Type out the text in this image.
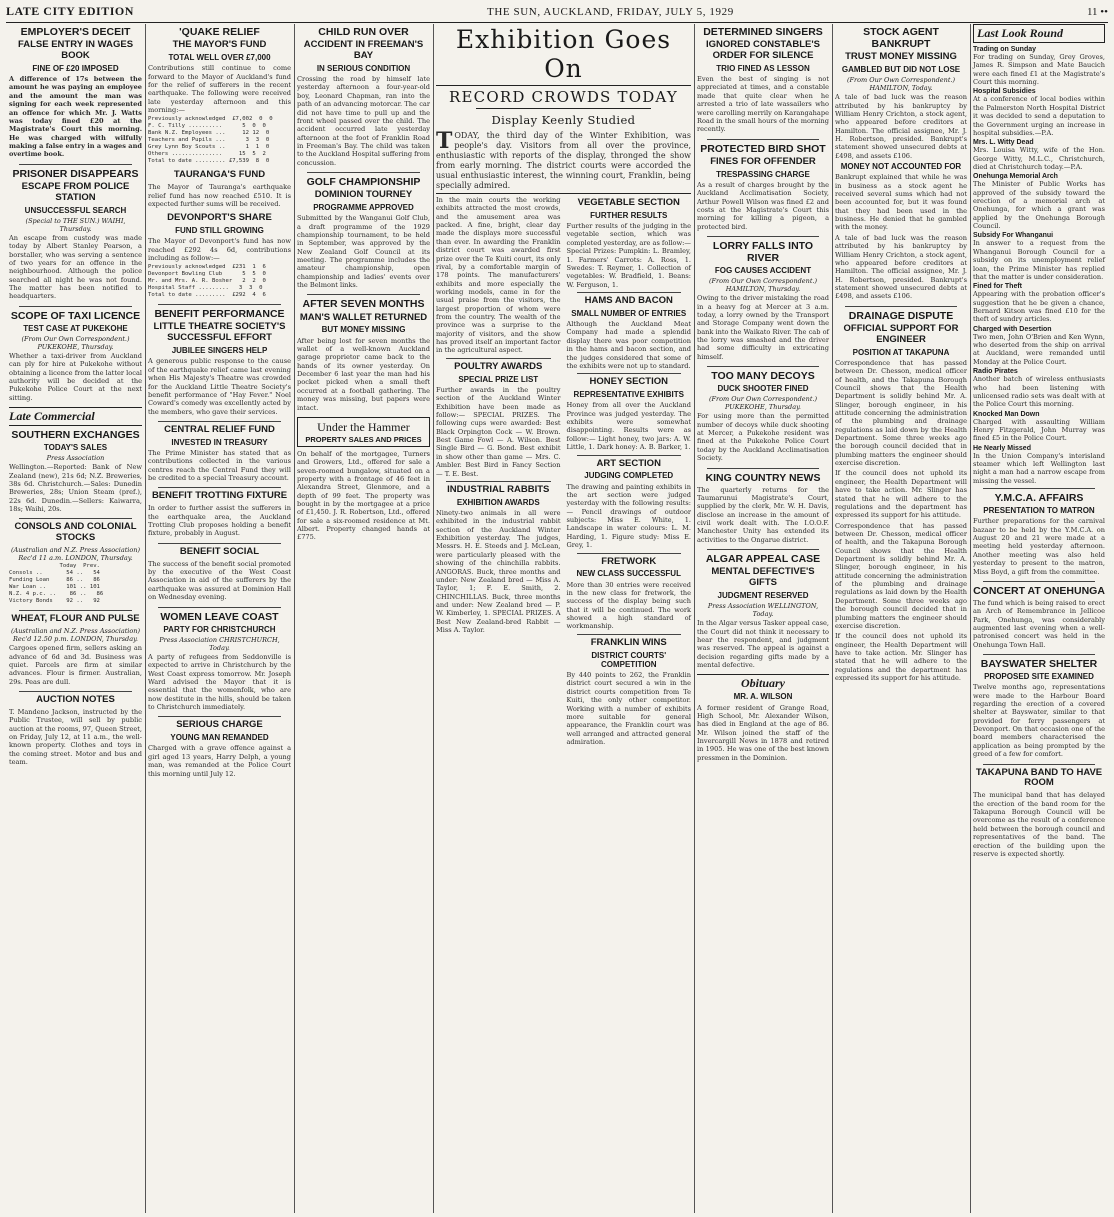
LATE CITY EDITION	THE SUN, AUCKLAND, FRIDAY, JULY 5, 1929	11 ••
EMPLOYER'S DECEIT
FALSE ENTRY IN WAGES BOOK
FINE OF £20 IMPOSED

A difference of 17s between the amount he was paying an employee and the amount the man was signing for each week represented an offence for which Mr. J. Watts was today fined £20 at the Magistrate's Court this morning. He was charged with wilfully making a false entry in a wages and overtime book.

PRISONER DISAPPEARS
ESCAPE FROM POLICE STATION
UNSUCCESSFUL SEARCH
(Special to THE SUN.) WAIHI, Thursday.

An escape from custody was made today by Albert Stanley Pearson, a borstaller, who was serving a sentence of two years for an offence in the neighbourhood. Although the police searched all night he was not found. The matter has been notified to headquarters.

SCOPE OF TAXI LICENCE
TEST CASE AT PUKEKOHE
(From Our Own Correspondent.) PUKEKOHE, Thursday.

Whether a taxi-driver from Auckland can ply for hire at Pukekohe without obtaining a licence from the latter local authority will be decided at the Pukekohe Police Court at the next sitting.

Late Commercial
SOUTHERN EXCHANGES
TODAY'S SALES
Press Association

Wellington.—Reported: Bank of New Zealand (new), 21s 6d; N.Z. Breweries, 38s 6d. Christchurch.—Sales: Dunedin Breweries, 28s; Union Steam (pref.), 22s 6d. Dunedin.—Sellers: Kaiwarra, 18s; Waihi, 20s.

CONSOLS AND COLONIAL STOCKS
(Australian and N.Z. Press Association) Rec'd 11 a.m. LONDON, Thursday.
Today  Prev.
Consols ..       54 ..   54
Funding Loan     86 ..   86
War Loan ..      101 .. 101
N.Z. 4 p.c. ..    86 ..   86
Victory Bonds    92 ..   92
WHEAT, FLOUR AND PULSE
(Australian and N.Z. Press Association) Rec'd 12.50 p.m. LONDON, Thursday.

Cargoes opened firm, sellers asking an advance of 6d and 3d. Business was quiet. Parcels are firm at similar advances. Flour is firmer. Australian, 29s. Peas are dull.

AUCTION NOTES

T. Mandeno Jackson, instructed by the Public Trustee, will sell by public auction at the rooms, 97, Queen Street, on Friday, July 12, at 11 a.m., the well-known property. Clothes and toys in the coming street. Motor and bus and team.

'QUAKE RELIEF
THE MAYOR'S FUND
TOTAL WELL OVER £7,000

Contributions still continue to come forward to the Mayor of Auckland's fund for the relief of sufferers in the recent earthquake. The following were received late yesterday afternoon and this morning:—

Previously acknowledged  £7,002  0  0
F. C. Tilly ..........      5  0  0
Bank N.Z. Employees ...     12 12  0
Teachers and Pupils ...      3  3  0
Grey Lynn Boy Scouts ..      1  1  0
Others ...............     15  5  2
Total to date ......... £7,539  8  0
TAURANGA'S FUND

The Mayor of Tauranga's earthquake relief fund has now reached £510. It is expected further sums will be received.

DEVONPORT'S SHARE
FUND STILL GROWING

The Mayor of Devonport's fund has now reached £292 4s 6d, contributions including as follow:—

Previously acknowledged  £231  1  6
Devonport Bowling Club      5  5  0
Mr. and Mrs. A. R. Bosher   2  2  0
Hospital Staff .........   3  3  0
Total to date .........  £292  4  6
BENEFIT PERFORMANCE
LITTLE THEATRE SOCIETY'S SUCCESSFUL EFFORT
JUBILEE SINGERS HELP

A generous public response to the cause of the earthquake relief came last evening when His Majesty's Theatre was crowded for the Auckland Little Theatre Society's benefit performance of "Hay Fever." Noel Coward's comedy was excellently acted by the members, who gave their services.

CENTRAL RELIEF FUND
INVESTED IN TREASURY

The Prime Minister has stated that as contributions collected in the various centres reach the Central Fund they will be credited to a special Treasury account.

BENEFIT TROTTING FIXTURE

In order to further assist the sufferers in the earthquake area, the Auckland Trotting Club proposes holding a benefit fixture, probably in August.

BENEFIT SOCIAL

The success of the benefit social promoted by the executive of the West Coast Association in aid of the sufferers by the earthquake was assured at Dominion Hall on Wednesday evening.

WOMEN LEAVE COAST
PARTY FOR CHRISTCHURCH
Press Association CHRISTCHURCH, Today.

A party of refugees from Seddonville is expected to arrive in Christchurch by the West Coast express tomorrow. Mr. Joseph Ward advised the Mayor that it is essential that the womenfolk, who are now destitute in the hills, should be taken to Christchurch immediately.

SERIOUS CHARGE
YOUNG MAN REMANDED

Charged with a grave offence against a girl aged 13 years, Harry Delph, a young man, was remanded at the Police Court this morning until July 12.

CHILD RUN OVER
ACCIDENT IN FREEMAN'S BAY
IN SERIOUS CONDITION

Crossing the road by himself late yesterday afternoon a four-year-old boy, Leonard Chapman, ran into the path of an advancing motorcar. The car did not have time to pull up and the front wheel passed over the child. The accident occurred late yesterday afternoon at the foot of Franklin Road in Freeman's Bay. The child was taken to the Auckland Hospital suffering from concussion.

GOLF CHAMPIONSHIP
DOMINION TOURNEY
PROGRAMME APPROVED

Submitted by the Wanganui Golf Club, a draft programme of the 1929 championship tournament, to be held in September, was approved by the New Zealand Golf Council at its meeting. The programme includes the amateur championship, open championship and ladies' events over the Belmont links.

AFTER SEVEN MONTHS
MAN'S WALLET RETURNED
BUT MONEY MISSING

After being lost for seven months the wallet of a well-known Auckland garage proprietor came back to the hands of its owner yesterday. On December 6 last year the man had his pocket picked when a small theft occurred at a football gathering. The money was missing, but papers were intact.

Under the Hammer
PROPERTY SALES AND PRICES

On behalf of the mortgagee, Turners and Growers, Ltd., offered for sale a seven-roomed bungalow, situated on a property with a frontage of 46 feet in Alexandra Street, Glenmore, and a depth of 99 feet. The property was bought in by the mortgagee at a price of £1,450. J. R. Robertson, Ltd., offered for sale a six-roomed residence at Mt. Albert. Property changed hands at £775.

Exhibition Goes On
RECORD CROWDS TODAY
Display Keenly Studied

TODAY, the third day of the Winter Exhibition, was people's day. Visitors from all over the province, enthusiastic with reports of the display, thronged the show from early morning. The district courts were accorded the usual enthusiastic interest, the winning court, Franklin, being specially admired.

In the main courts the working exhibits attracted the most crowds, and the amusement area was packed. A fine, bright, clear day made the displays more successful than ever. In awarding the Franklin district court was awarded first prize over the Te Kuiti court, its only rival, by a comfortable margin of 178 points. The manufacturers' exhibits and more especially the working models, came in for the usual praise from the visitors, the largest proportion of whom were from the country. The wealth of the province was a surprise to the majority of visitors, and the show has proved itself an important factor in the agricultural aspect.

POULTRY AWARDS
SPECIAL PRIZE LIST

Further awards in the poultry section of the Auckland Winter Exhibition have been made as follow:— SPECIAL PRIZES. The following cups were awarded: Best Black Orpington Cock — W. Brown. Best Game Fowl — A. Wilson. Best Single Bird — G. Bond. Best exhibit in show other than game — Mrs. C. Ambler. Best Bird in Fancy Section — T. E. Best.

INDUSTRIAL RABBITS
EXHIBITION AWARDS

Ninety-two animals in all were exhibited in the industrial rabbit section of the Auckland Winter Exhibition yesterday. The judges, Messrs. H. E. Steeds and J. McLean, were particularly pleased with the showing of the chinchilla rabbits. ANGORAS. Buck, three months and under: New Zealand bred — Miss A. Taylor, 1; F. E. Smith, 2. CHINCHILLAS. Buck, three months and under: New Zealand bred — P. W. Kimberley, 1. SPECIAL PRIZES. A Best New Zealand-bred Rabbit — Miss A. Taylor.

VEGETABLE SECTION
FURTHER RESULTS

Further results of the judging in the vegetable section, which was completed yesterday, are as follow:— Special Prizes: Pumpkin: L. Bramley, 1. Farmers' Carrots: A. Ross, 1. Swedes: T. Reymer, 1. Collection of vegetables: W. Bradfield, 1. Beans: W. Ferguson, 1.

HAMS AND BACON
SMALL NUMBER OF ENTRIES

Although the Auckland Meat Company had made a splendid display there was poor competition in the hams and bacon section, and the judges considered that some of the exhibits were not up to standard.

HONEY SECTION
REPRESENTATIVE EXHIBITS

Honey from all over the Auckland Province was judged yesterday. The exhibits were somewhat disappointing. Results were as follow:— Light honey, two jars: A. W. Little, 1. Dark honey: A. B. Barker, 1.

ART SECTION
JUDGING COMPLETED

The drawing and painting exhibits in the art section were judged yesterday with the following results:— Pencil drawings of outdoor subjects: Miss E. White, 1. Landscape in water colours: L. M. Harding, 1. Figure study: Miss E. Grey, 1.

FRETWORK
NEW CLASS SUCCESSFUL

More than 30 entries were received in the new class for fretwork, the success of the display being such that it will be continued. The work showed a high standard of workmanship.

FRANKLIN WINS
DISTRICT COURTS' COMPETITION

By 440 points to 262, the Franklin district court secured a win in the district courts competition from Te Kuiti, the only other competitor. Working with a number of exhibits more suitable for general appearance, the Franklin court was well arranged and attracted general admiration.

DETERMINED SINGERS
IGNORED CONSTABLE'S ORDER FOR SILENCE
TRIO FINED AS LESSON

Even the best of singing is not appreciated at times, and a constable made that quite clear when he arrested a trio of late wassailers who were carolling merrily on Karangahape Road in the small hours of the morning recently.

PROTECTED BIRD SHOT
FINES FOR OFFENDER
TRESPASSING CHARGE

As a result of charges brought by the Auckland Acclimatisation Society, Arthur Powell Wilson was fined £2 and costs at the Magistrate's Court this morning for killing a pigeon, a protected bird.

LORRY FALLS INTO RIVER
FOG CAUSES ACCIDENT
(From Our Own Correspondent.) HAMILTON, Thursday.

Owing to the driver mistaking the road in a heavy fog at Mercer at 3 a.m. today, a lorry owned by the Transport and Storage Company went down the bank into the Waikato River. The cab of the lorry was smashed and the driver had some difficulty in extricating himself.

TOO MANY DECOYS
DUCK SHOOTER FINED
(From Our Own Correspondent.) PUKEKOHE, Thursday.

For using more than the permitted number of decoys while duck shooting at Mercer, a Pukekohe resident was fined at the Pukekohe Police Court today by the Auckland Acclimatisation Society.

KING COUNTRY NEWS

The quarterly returns for the Taumarunui Magistrate's Court, supplied by the clerk, Mr. W. H. Davis, disclose an increase in the amount of civil work dealt with. The I.O.O.F. Manchester Unity has extended its activities to the Ongarue district.

ALGAR APPEAL CASE
MENTAL DEFECTIVE'S GIFTS
JUDGMENT RESERVED
Press Association WELLINGTON, Today.

In the Algar versus Tasker appeal case, the Court did not think it necessary to hear the respondent, and judgment was reserved. The appeal is against a decision regarding gifts made by a mental defective.

Obituary
MR. A. WILSON

A former resident of Grange Road, High School, Mr. Alexander Wilson, has died in England at the age of 86. Mr. Wilson joined the staff of the Invercargill News in 1878 and retired in 1905. He was one of the best known pressmen in the Dominion.

STOCK AGENT BANKRUPT
TRUST MONEY MISSING
GAMBLED BUT DID NOT LOSE
(From Our Own Correspondent.) HAMILTON, Today.

A tale of bad luck was the reason attributed by his bankruptcy by William Henry Crichton, a stock agent, who appeared before creditors at Hamilton. The official assignee, Mr. J. H. Robertson, presided. Bankrupt's statement showed unsecured debts at £498, and assets £106.

MONEY NOT ACCOUNTED FOR

Bankrupt explained that while he was in business as a stock agent he received several sums which had not been accounted for, but it was found that they had been used in the business. He denied that he gambled with the money.

A tale of bad luck was the reason attributed by his bankruptcy by William Henry Crichton, a stock agent, who appeared before creditors at Hamilton. The official assignee, Mr. J. H. Robertson, presided. Bankrupt's statement showed unsecured debts at £498, and assets £106.

DRAINAGE DISPUTE
OFFICIAL SUPPORT FOR ENGINEER
POSITION AT TAKAPUNA

Correspondence that has passed between Dr. Chesson, medical officer of health, and the Takapuna Borough Council shows that the Health Department is solidly behind Mr. A. Slinger, borough engineer, in his attitude concerning the administration of the plumbing and drainage regulations as laid down by the Health Department. Some three weeks ago the borough council decided that in plumbing matters the engineer should exercise discretion.

If the council does not uphold its engineer, the Health Department will have to take action. Mr. Slinger has stated that he will adhere to the regulations and the department has expressed its support for his attitude.

Correspondence that has passed between Dr. Chesson, medical officer of health, and the Takapuna Borough Council shows that the Health Department is solidly behind Mr. A. Slinger, borough engineer, in his attitude concerning the administration of the plumbing and drainage regulations as laid down by the Health Department. Some three weeks ago the borough council decided that in plumbing matters the engineer should exercise discretion.

If the council does not uphold its engineer, the Health Department will have to take action. Mr. Slinger has stated that he will adhere to the regulations and the department has expressed its support for his attitude.

Last Look Round
Trading on Sunday

For trading on Sunday, Grey Groves, James R. Simpson and Mate Baucich were each fined £1 at the Magistrate's Court this morning.

Hospital Subsidies

At a conference of local bodies within the Palmerston North Hospital District it was decided to send a deputation to the Government urging an increase in hospital subsidies.—P.A.

Mrs. L. Witty Dead

Mrs. Louisa Witty, wife of the Hon. George Witty, M.L.C., Christchurch, died at Christchurch today.—P.A.

Onehunga Memorial Arch

The Minister of Public Works has approved of the subsidy toward the erection of a memorial arch at Onehunga, for which a grant was applied by the Onehunga Borough Council.

Subsidy For Whanganui

In answer to a request from the Whanganui Borough Council for a subsidy on its unemployment relief loan, the Prime Minister has replied that the matter is under consideration.

Fined for Theft

Appearing with the probation officer's suggestion that he be given a chance, Bernard Kitson was fined £10 for the theft of sundry articles.

Charged with Desertion

Two men, John O'Brien and Ken Wynn, who deserted from the ship on arrival at Auckland, were remanded until Monday at the Police Court.

Radio Pirates

Another batch of wireless enthusiasts who had been listening with unlicensed radio sets was dealt with at the Police Court this morning.

Knocked Man Down

Charged with assaulting William Henry Fitzgerald, John Murray was fined £5 in the Police Court.

He Nearly Missed

In the Union Company's interisland steamer which left Wellington last night a man had a narrow escape from missing the vessel.

Y.M.C.A. AFFAIRS
PRESENTATION TO MATRON

Further preparations for the carnival bazaar to be held by the Y.M.C.A. on August 20 and 21 were made at a meeting held yesterday afternoon. Another meeting was also held yesterday to present to the matron, Miss Boyd, a gift from the committee.

CONCERT AT ONEHUNGA

The fund which is being raised to erect an Arch of Remembrance in Jellicoe Park, Onehunga, was considerably augmented last evening when a well-patronised concert was held in the Onehunga Town Hall.

BAYSWATER SHELTER
PROPOSED SITE EXAMINED

Twelve months ago, representations were made to the Harbour Board regarding the erection of a covered shelter at Bayswater, similar to that provided for ferry passengers at Devonport. On that occasion one of the board members characterised the application as being prompted by the greed of a few for comfort.

TAKAPUNA BAND TO HAVE ROOM

The municipal band that has delayed the erection of the band room for the Takapuna Borough Council will be overcome as the result of a conference held between the borough council and representatives of the band. The erection of the building upon the reserve is expected shortly.
